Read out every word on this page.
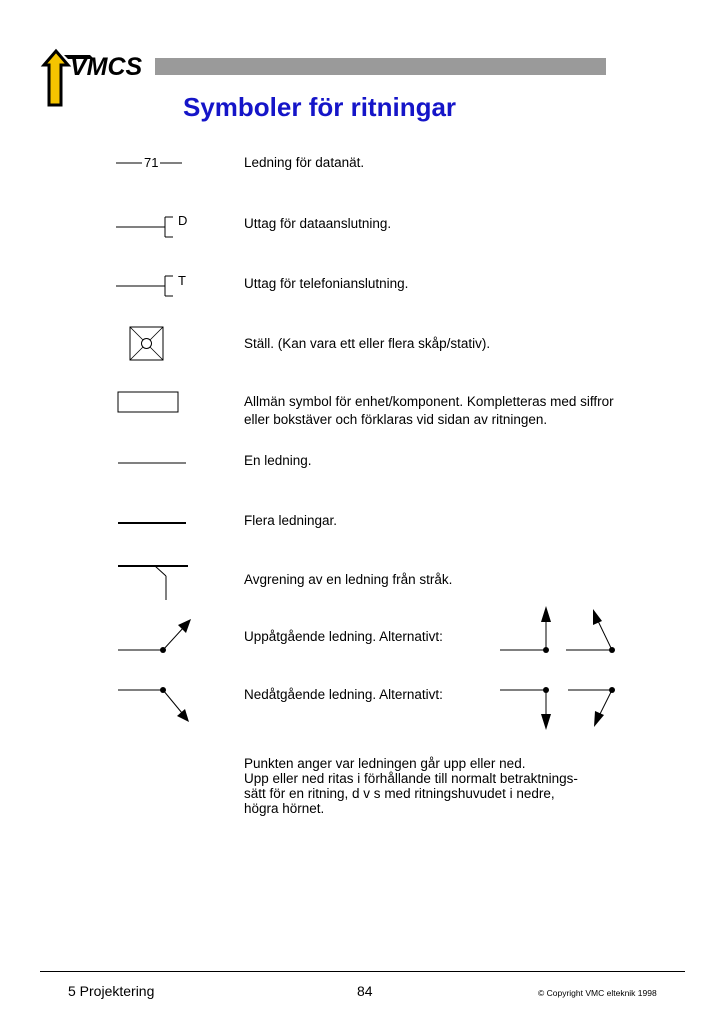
VMCS
Symboler för ritningar
71	Ledning för datanät.
D	Uttag för dataanslutning.
T	Uttag för telefonianslutning.
Ställ. (Kan vara ett eller flera skåp/stativ).
Allmän symbol för enhet/komponent. Kompletteras med siffror
eller bokstäver och förklaras vid sidan av ritningen.
En ledning.
Flera ledningar.
Avgrening av en ledning från stråk.
Uppåtgående ledning. Alternativt:
Nedåtgående ledning. Alternativt:
Punkten anger var ledningen går upp eller ned.
Upp eller ned ritas i förhållande till normalt betraktnings-
sätt för en ritning, d v s med ritningshuvudet i nedre,
högra hörnet.
5 Projektering	84	© Copyright VMC elteknik 1998
